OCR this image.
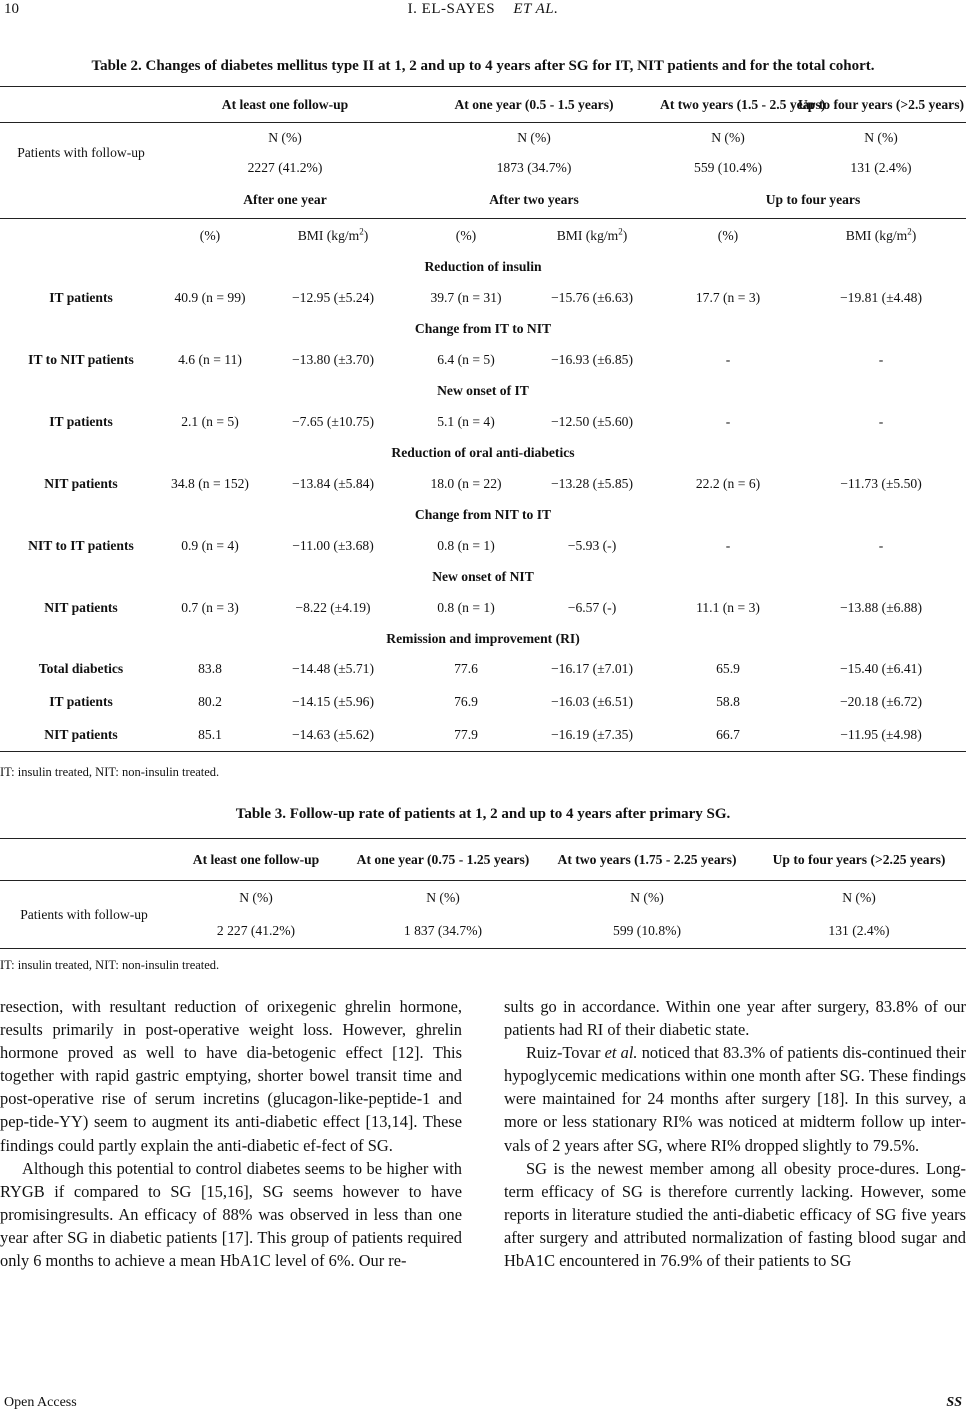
10	I. EL-SAYES ET AL.
Table 2. Changes of diabetes mellitus type II at 1, 2 and up to 4 years after SG for IT, NIT patients and for the total cohort.
	At least one follow-up		At one year (0.5 - 1.5 years)		At two years (1.5 - 2.5 years)	Up to four years (>2.5 years)
Patients with follow-up	N (%)		N (%)		N (%)	N (%)
	2227 (41.2%)		1873 (34.7%)		559 (10.4%)	131 (2.4%)
	After one year		After two years		Up to four years	
	(%)	BMI $(kg/m^2)$	(%)	BMI $(kg/m^2)$	(%)	BMI $(kg/m^2)$
Reduction of insulin						
IT patients	40.9 (n = 99)	−12.95 (±5.24)	39.7 (n = 31)	−15.76 (±6.63)	17.7 (n = 3)	−19.81 (±4.48)
Change from IT to NIT						
IT to NIT patients	4.6 (n = 11)	−13.80 (±3.70)	6.4 (n = 5)	−16.93 (±6.85)	-	-
New onset of IT						
IT patients	2.1 (n = 5)	−7.65 (±10.75)	5.1 (n = 4)	−12.50 (±5.60)	-	-
Reduction of oral anti-diabetics						
NIT patients	34.8 (n = 152)	−13.84 (±5.84)	18.0 (n = 22)	−13.28 (±5.85)	22.2 (n = 6)	−11.73 (±5.50)
Change from NIT to IT						
NIT to IT patients	0.9 (n = 4)	−11.00 (±3.68)	0.8 (n = 1)	−5.93 (-)	-	-
New onset of NIT						
NIT patients	0.7 (n = 3)	−8.22 (±4.19)	0.8 (n = 1)	−6.57 (-)	11.1 (n = 3)	−13.88 (±6.88)
Remission and improvement (RI)						
Total diabetics	83.8	−14.48 (±5.71)	77.6	−16.17 (±7.01)	65.9	−15.40 (±6.41)
IT patients	80.2	−14.15 (±5.96)	76.9	−16.03 (±6.51)	58.8	−20.18 (±6.72)
NIT patients	85.1	−14.63 (±5.62)	77.9	−16.19 (±7.35)	66.7	−11.95 (±4.98)
IT: insulin treated, NIT: non-insulin treated.
Table 3. Follow-up rate of patients at 1, 2 and up to 4 years after primary SG.
	At least one follow-up	At one year (0.75 - 1.25 years)	At two years (1.75 - 2.25 years)	Up to four years (>2.25 years)
Patients with follow-up	N (%)	N (%)	N (%)	N (%)
	2 227 (41.2%)	1 837 (34.7%)	599 (10.8%)	131 (2.4%)
IT: insulin treated, NIT: non-insulin treated.

resection, with resultant reduction of orixegenic ghrelin hormone, results primarily in post-operative weight loss. However, ghrelin hormone proved as well to have dia-betogenic effect [12]. This together with rapid gastric emptying, shorter bowel transit time and post-operative rise of serum incretins (glucagon-like-peptide-1 and pep-tide-YY) seem to augment its anti-diabetic effect [13,14]. These findings could partly explain the anti-diabetic ef-fect of SG.

Although this potential to control diabetes seems to be higher with RYGB if compared to SG [15,16], SG seems however to have promisingresults. An efficacy of 88% was observed in less than one year after SG in diabetic patients [17]. This group of patients required only 6 months to achieve a mean HbA1C level of 6%. Our re-

sults go in accordance. Within one year after surgery, 83.8% of our patients had RI of their diabetic state.

Ruiz-Tovar et al. noticed that 83.3% of patients dis-continued their hypoglycemic medications within one month after SG. These findings were maintained for 24 months after surgery [18]. In this survey, a more or less stationary RI% was noticed at midterm follow up inter-vals of 2 years after SG, where RI% dropped slightly to 79.5%.

SG is the newest member among all obesity proce-dures. Long-term efficacy of SG is therefore currently lacking. However, some reports in literature studied the anti-diabetic efficacy of SG five years after surgery and attributed normalization of fasting blood sugar and HbA1C encountered in 76.9% of their patients to SG

Open Access	SS
